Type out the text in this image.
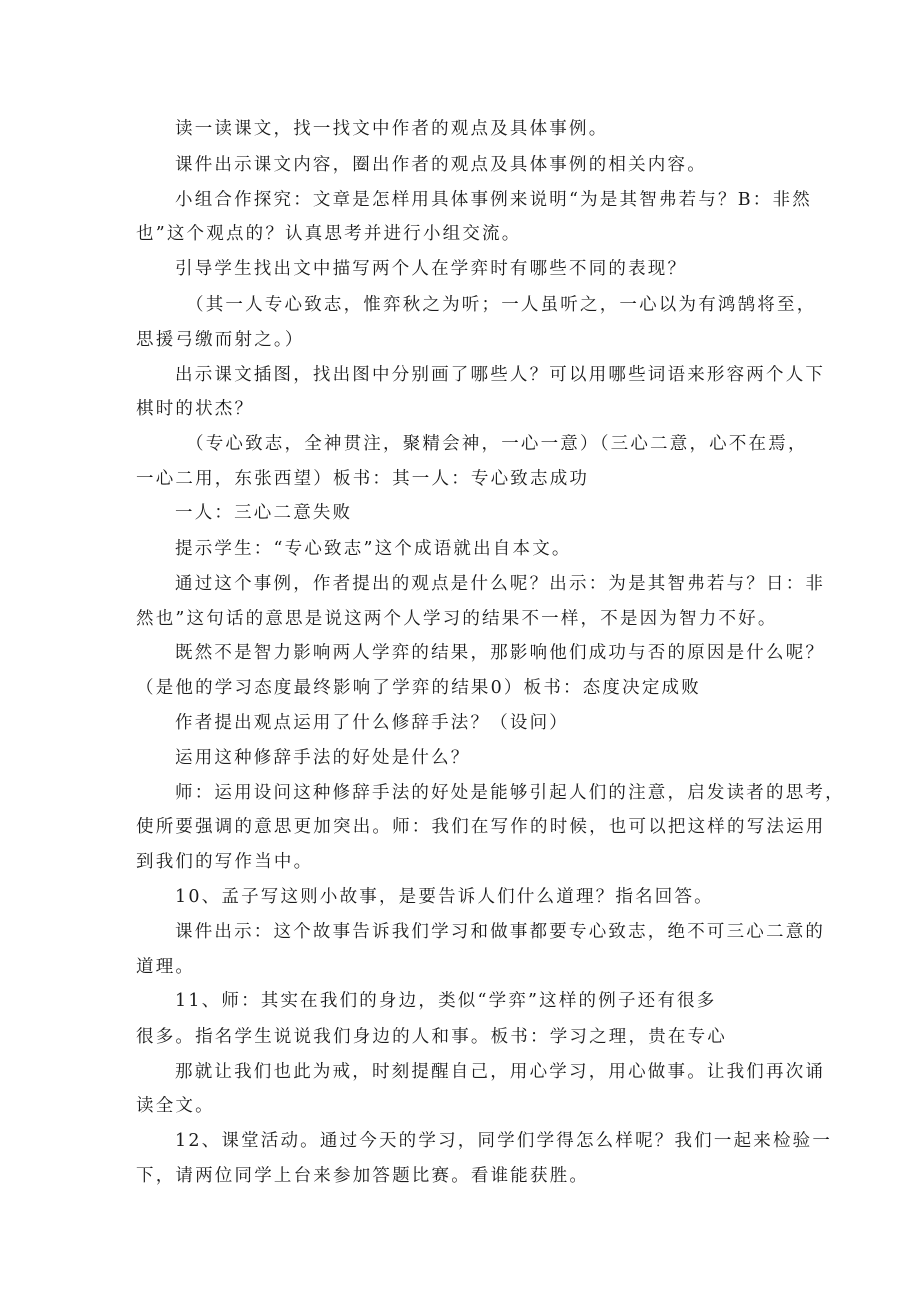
读一读课文，找一找文中作者的观点及具体事例。
课件出示课文内容，圈出作者的观点及具体事例的相关内容。
小组合作探究：文章是怎样用具体事例来说明“为是其智弗若与？B：非然
也”这个观点的？认真思考并进行小组交流。
引导学生找出文中描写两个人在学弈时有哪些不同的表现？
（其一人专心致志，惟弈秋之为听；一人虽听之，一心以为有鸿鹄将至，
思援弓缴而射之。）
出示课文插图，找出图中分别画了哪些人？可以用哪些词语来形容两个人下
棋时的状杰？
（专心致志，全神贯注，聚精会神，一心一意）（三心二意，心不在焉，
一心二用，东张西望）板书：其一人：专心致志成功
一人：三心二意失败
提示学生：“专心致志”这个成语就出自本文。
通过这个事例，作者提出的观点是什么呢？出示：为是其智弗若与？日：非
然也”这句话的意思是说这两个人学习的结果不一样，不是因为智力不好。
既然不是智力影响两人学弈的结果，那影响他们成功与否的原因是什么呢？
（是他的学习态度最终影响了学弈的结果0）板书：态度决定成败
作者提出观点运用了什么修辞手法？（设问）
运用这种修辞手法的好处是什么？
师：运用设问这种修辞手法的好处是能够引起人们的注意，启发读者的思考，
使所要强调的意思更加突出。师：我们在写作的时候，也可以把这样的写法运用
到我们的写作当中。
10、孟子写这则小故事，是要告诉人们什么道理？指名回答。
课件出示：这个故事告诉我们学习和做事都要专心致志，绝不可三心二意的
道理。
11、师：其实在我们的身边，类似“学弈”这样的例子还有很多
很多。指名学生说说我们身边的人和事。板书：学习之理，贵在专心
那就让我们也此为戒，时刻提醒自己，用心学习，用心做事。让我们再次诵
读全文。
12、课堂活动。通过今天的学习，同学们学得怎么样呢？我们一起来检验一
下，请两位同学上台来参加答题比赛。看谁能获胜。
